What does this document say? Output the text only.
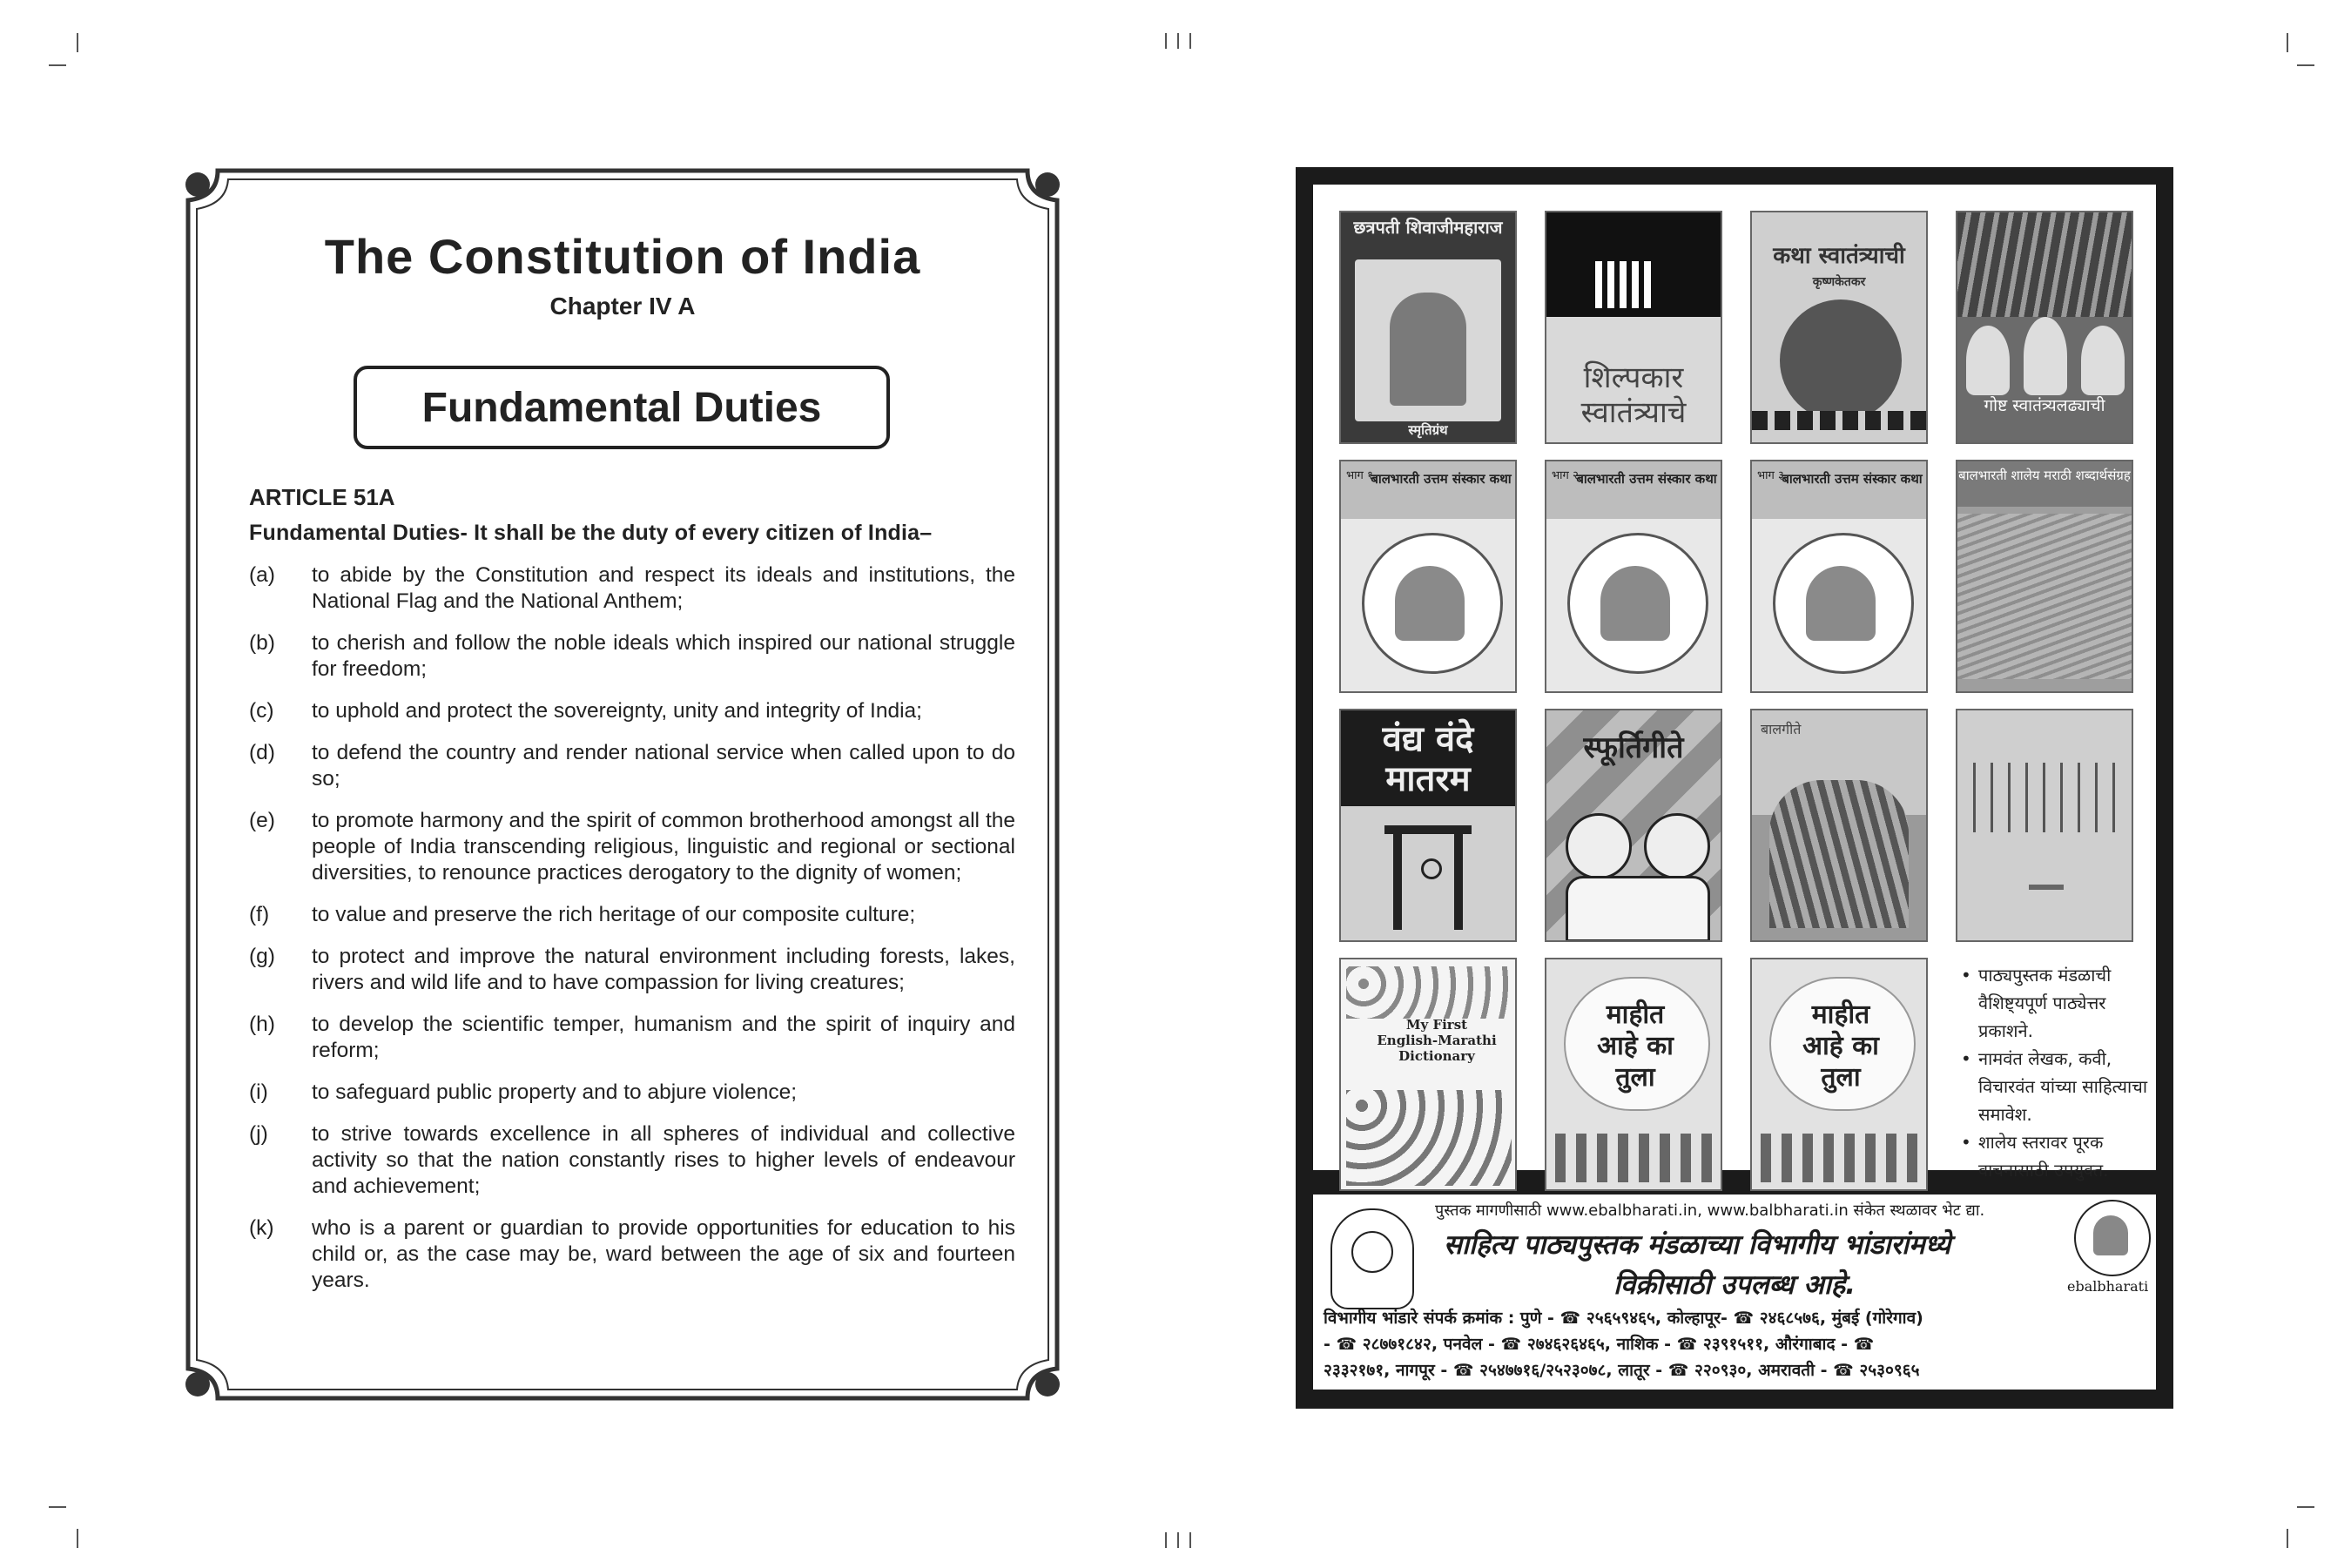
The Constitution of India
Chapter IV A
Fundamental Duties
ARTICLE 51A
Fundamental Duties- It shall be the duty of every citizen of India–
(a) to abide by the Constitution and respect its ideals and institutions, the National Flag and the National Anthem;
(b) to cherish and follow the noble ideals which inspired our national struggle for freedom;
(c) to uphold and protect the sovereignty, unity and integrity of India;
(d) to defend the country and render national service when called upon to do so;
(e) to promote harmony and the spirit of common brotherhood amongst all the people of India transcending religious, linguistic and regional or sectional diversities, to renounce practices derogatory to the dignity of women;
(f) to value and preserve the rich heritage of our composite culture;
(g) to protect and improve the natural environment including forests, lakes, rivers and wild life and to have compassion for living creatures;
(h) to develop the scientific temper, humanism and the spirit of inquiry and reform;
(i) to safeguard public property and to abjure violence;
(j) to strive towards excellence in all spheres of individual and collective activity so that the nation constantly rises to higher levels of endeavour and achievement;
(k) who is a parent or guardian to provide opportunities for education to his child or, as the case may be, ward between the age of six and fourteen years.
छत्रपती शिवाजीमहाराज
स्मृतिग्रंथ
शिल्पकार स्वातंत्र्याचे
कथा स्वातंत्र्याची
कृष्णकेतकर
गोष्ट स्वातंत्र्यलढ्याची
भाग १
बालभारती उत्तम संस्कार कथा	भाग २
बालभारती उत्तम संस्कार कथा	भाग ३
बालभारती उत्तम संस्कार कथा	बालभारती शालेय मराठी शब्दार्थसंग्रह
वंद्य वंदे मातरम
स्फूर्तिगीते
बालगीते
My First English-Marathi Dictionary
माहीत आहे का तुला
माहीत आहे का तुला
• पाठ्यपुस्तक मंडळाची वैशिष्ट्यपूर्ण पाठ्येत्तर प्रकाशने.
• नामवंत लेखक, कवी, विचारवंत यांच्या साहित्याचा समावेश.
• शालेय स्तरावर पूरक वाचनासाठी उपयुक्त.
ebalbharati
पुस्तक मागणीसाठी www.ebalbharati.in, www.balbharati.in संकेत स्थळावर भेट द्या.
साहित्य पाठ्यपुस्तक मंडळाच्या विभागीय भांडारांमध्ये
विक्रीसाठी उपलब्ध आहे.
विभागीय भांडारे संपर्क क्रमांक : पुणे - ☎ २५६५९४६५, कोल्हापूर- ☎ २४६८५७६, मुंबई (गोरेगाव)
- ☎ २८७७१८४२, पनवेल - ☎ २७४६२६४६५, नाशिक - ☎ २३९१५११, औरंगाबाद - ☎
२३३२१७१, नागपूर - ☎ २५४७७१६/२५२३०७८, लातूर - ☎ २२०९३०, अमरावती - ☎ २५३०९६५
